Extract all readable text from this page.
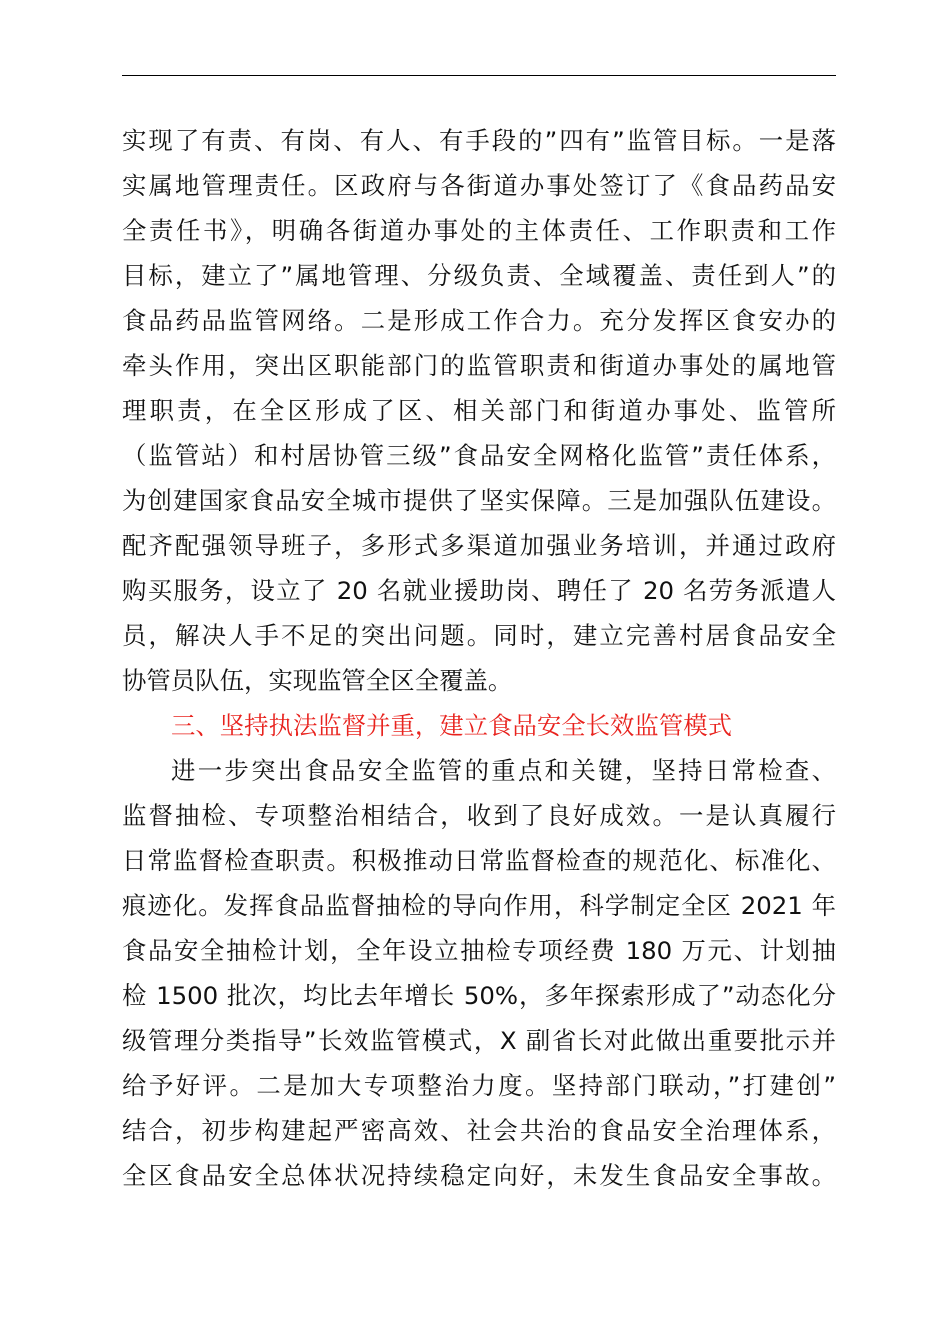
实现了有责、有岗、有人、有手段的”四有”监管目标。一是落
实属地管理责任。区政府与各街道办事处签订了《食品药品安
全责任书》，明确各街道办事处的主体责任、工作职责和工作
目标，建立了”属地管理、分级负责、全域覆盖、责任到人”的
食品药品监管网络。二是形成工作合力。充分发挥区食安办的
牵头作用，突出区职能部门的监管职责和街道办事处的属地管
理职责，在全区形成了区、相关部门和街道办事处、监管所
（监管站）和村居协管三级”食品安全网格化监管”责任体系，
为创建国家食品安全城市提供了坚实保障。三是加强队伍建设。
配齐配强领导班子，多形式多渠道加强业务培训，并通过政府
购买服务，设立了 20 名就业援助岗、聘任了 20 名劳务派遣人
员，解决人手不足的突出问题。同时，建立完善村居食品安全
协管员队伍，实现监管全区全覆盖。
三、坚持执法监督并重，建立食品安全长效监管模式
进一步突出食品安全监管的重点和关键，坚持日常检查、
监督抽检、专项整治相结合，收到了良好成效。一是认真履行
日常监督检查职责。积极推动日常监督检查的规范化、标准化、
痕迹化。发挥食品监督抽检的导向作用，科学制定全区 2021 年
食品安全抽检计划，全年设立抽检专项经费 180 万元、计划抽
检 1500 批次，均比去年增长 50%，多年探索形成了”动态化分
级管理分类指导”长效监管模式，X 副省长对此做出重要批示并
给予好评。二是加大专项整治力度。坚持部门联动，”打建创”
结合，初步构建起严密高效、社会共治的食品安全治理体系，
全区食品安全总体状况持续稳定向好，未发生食品安全事故。
